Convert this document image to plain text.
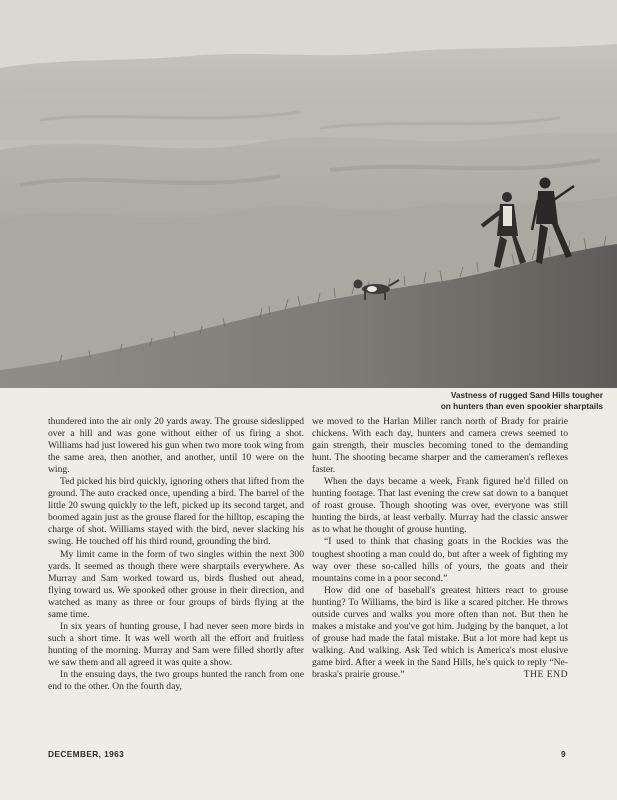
Vastness of rugged Sand Hills tougher
on hunters than even spookier sharptails

thundered into the air only 20 yards away. The grouse sideslipped over a hill and was gone without either of us firing a shot. Williams had just lowered his gun when two more took wing from the same area, then another, and another, until 10 were on the wing.

Ted picked his bird quickly, ignoring others that lifted from the ground. The auto cracked once, upending a bird. The barrel of the little 20 swung quickly to the left, picked up its second target, and boomed again just as the grouse flared for the hilltop, escaping the charge of shot. Williams stayed with the bird, never slacking his swing. He touched off his third round, grounding the bird.

My limit came in the form of two singles within the next 300 yards. It seemed as though there were sharptails everywhere. As Murray and Sam worked toward us, birds flushed out ahead, flying toward us. We spooked other grouse in their direction, and watched as many as three or four groups of birds flying at the same time.

In six years of hunting grouse, I had never seen more birds in such a short time. It was well worth all the effort and fruitless hunting of the morning. Murray and Sam were filled shortly after we saw them and all agreed it was quite a show.

In the ensuing days, the two groups hunted the ranch from one end to the other. On the fourth day,

we moved to the Harlan Miller ranch north of Brady for prairie chickens. With each day, hunters and camera crews seemed to gain strength, their muscles becoming toned to the demanding hunt. The shooting became sharper and the cameramen's reflexes faster.

When the days became a week, Frank figured he'd filled on hunting footage. That last evening the crew sat down to a banquet of roast grouse. Though shooting was over, everyone was still hunting the birds, at least verbally. Murray had the classic answer as to what he thought of grouse hunting.

“I used to think that chasing goats in the Rockies was the toughest shooting a man could do, but after a week of fighting my way over these so-called hills of yours, the goats and their mountains come in a poor second.”

How did one of baseball's greatest hitters react to grouse hunting? To Williams, the bird is like a scared pitcher. He throws outside curves and walks you more often than not. But then he makes a mistake and you've got him. Judging by the banquet, a lot of grouse had made the fatal mistake. But a lot more had kept us walking. And walking. Ask Ted which is America's most elusive game bird. After a week in the Sand Hills, he's quick to reply “Nebraska's prairie grouse.”	THE END

DECEMBER, 1963	9
